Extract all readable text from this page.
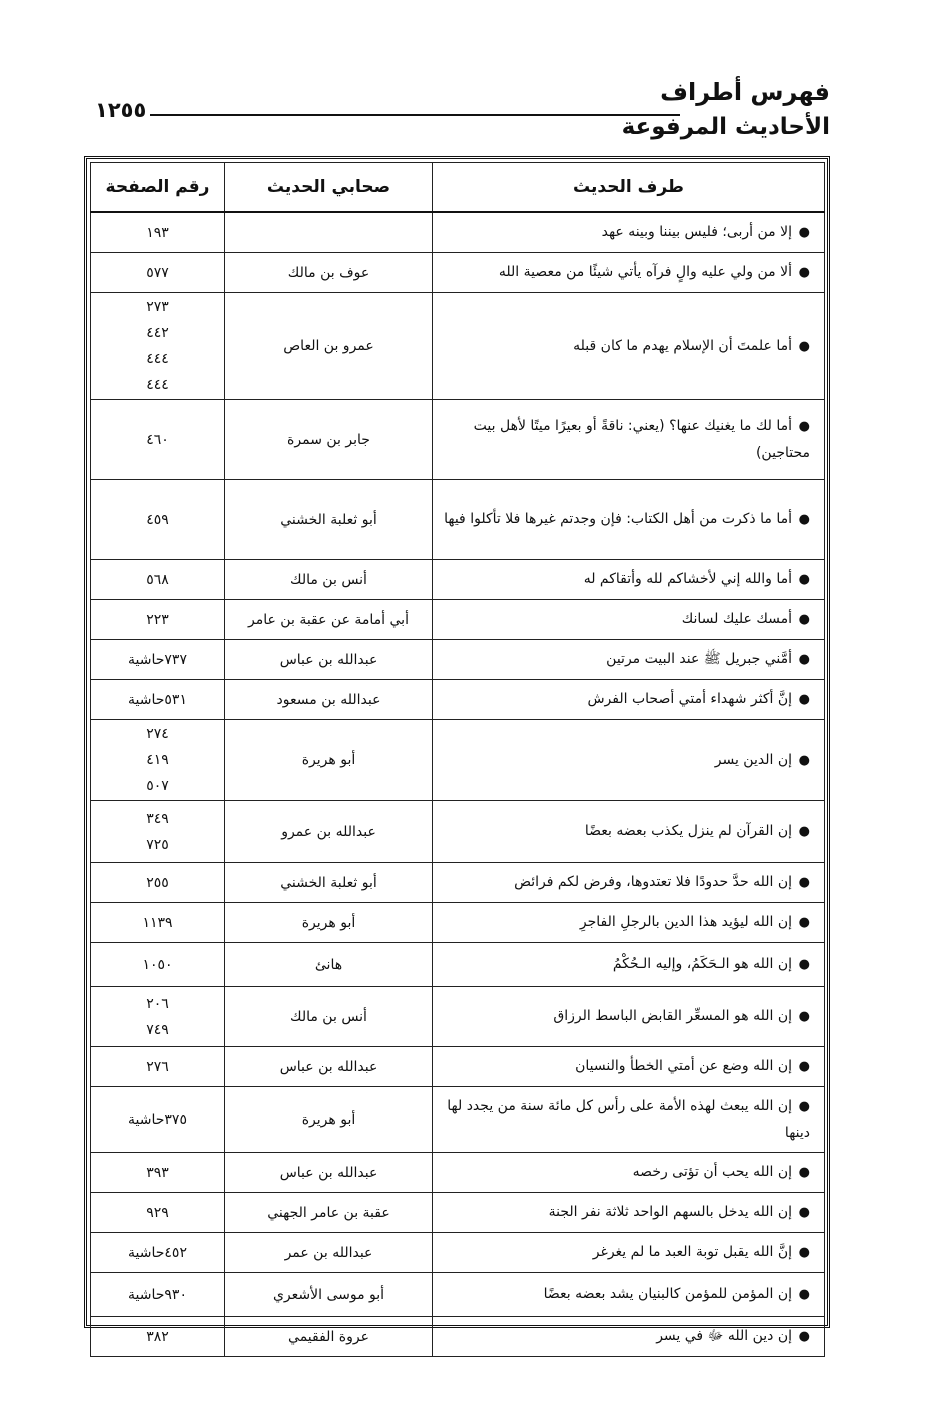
١٢٥٥
فهرس أطراف
الأحاديث المرفوعة
طرف الحديث	صحابي الحديث	رقم الصفحة
●إلا من أربى؛ فليس بيننا وبينه عهد		١٩٣

●ألا من ولي عليه والٍ فرآه يأتي شيئًا من معصية الله	عوف بن مالك	٥٧٧

●أما علمتَ أن الإسلام يهدم ما كان قبله	عمرو بن العاص	٢٧٣
٤٤٢
٤٤٤
٤٤٤

●أما لك ما يغنيك عنها؟ (يعني: ناقةً أو بعيرًا ميتًا لأهل بيت محتاجين)	جابر بن سمرة	٤٦٠

●أما ما ذكرت من أهل الكتاب: فإن وجدتم غيرها فلا تأكلوا فيها	أبو ثعلبة الخشني	٤٥٩

●أما والله إني لأخشاكم لله وأتقاكم له	أنس بن مالك	٥٦٨

●أمسك عليك لسانك	أبي أمامة عن عقبة بن عامر	٢٢٣

●أمَّني جبريل ﷺ عند البيت مرتين	عبدالله بن عباس	٧٣٧حاشية

●إنَّ أكثر شهداء أمتي أصحاب الفرش	عبدالله بن مسعود	٥٣١حاشية

●إن الدين يسر	أبو هريرة	٢٧٤
٤١٩
٥٠٧

●إن القرآن لم ينزل يكذب بعضه بعضًا	عبدالله بن عمرو	٣٤٩
٧٢٥

●إن الله حدَّ حدودًا فلا تعتدوها، وفرض لكم فرائض	أبو ثعلبة الخشني	٢٥٥

●إن الله ليؤيد هذا الدين بالرجلِ الفاجرِ	أبو هريرة	١١٣٩

●إن الله هو الـحَكَمُ، وإليه الـحُكْمُ	هانئ	١٠٥٠

●إن الله هو المسعِّر القابض الباسط الرزاق	أنس بن مالك	٢٠٦
٧٤٩

●إن الله وضع عن أمتي الخطأ والنسيان	عبدالله بن عباس	٢٧٦

●إن الله يبعث لهذه الأمة على رأس كل مائة سنة من يجدد لها دينها	أبو هريرة	٣٧٥حاشية

●إن الله يحب أن تؤتى رخصه	عبدالله بن عباس	٣٩٣

●إن الله يدخل بالسهم الواحد ثلاثة نفر الجنة	عقبة بن عامر الجهني	٩٢٩

●إنَّ الله يقبل توبة العبد ما لم يغرغر	عبدالله بن عمر	٤٥٢حاشية

●إن المؤمن للمؤمن كالبنيان يشد بعضه بعضًا	أبو موسى الأشعري	٩٣٠حاشية

●إن دين الله ﷻ في يسر	عروة الفقيمي	٣٨٢
